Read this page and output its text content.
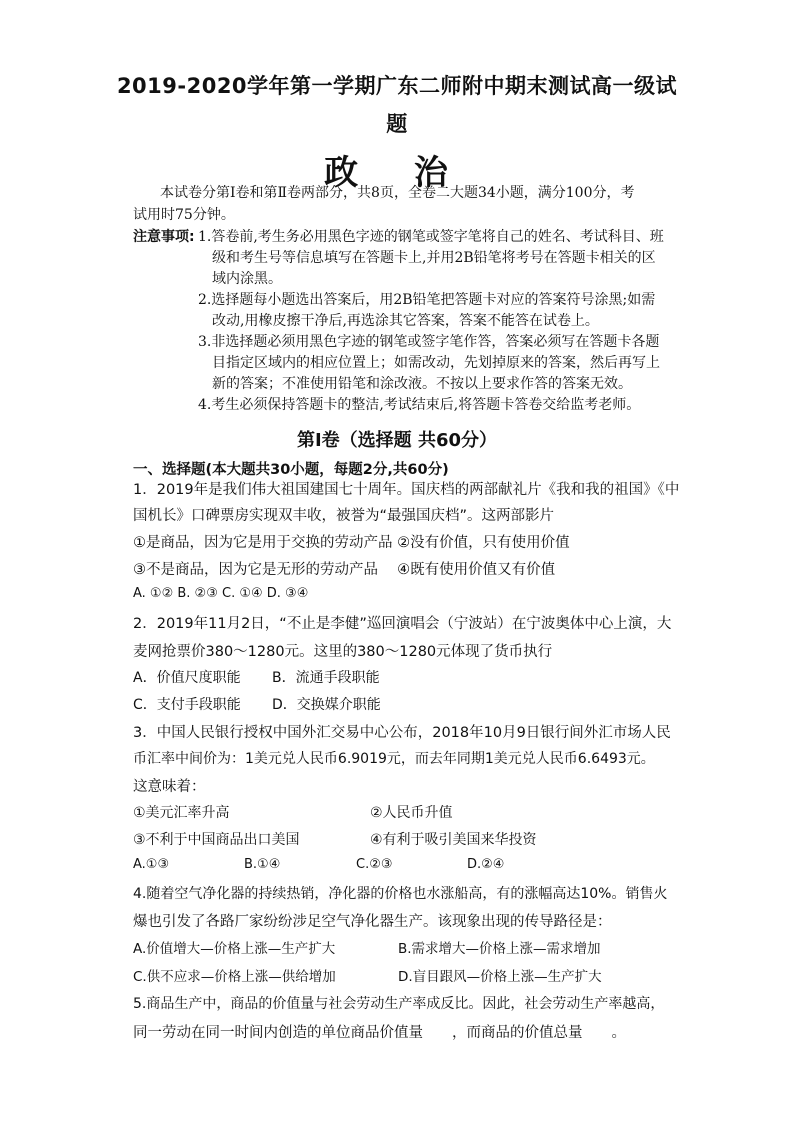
2019-2020学年第一学期广东二师附中期末测试高一级试
题
政 治
本试卷分第Ⅰ卷和第Ⅱ卷两部分，共8页，全卷二大题34小题，满分100分，考
试用时75分钟。
注意事项: 1.答卷前,考生务必用黑色字迹的钢笔或签字笔将自己的姓名、考试科目、班
级和考生号等信息填写在答题卡上,并用2B铅笔将考号在答题卡相关的区
域内涂黑。
2.选择题每小题选出答案后，用2B铅笔把答题卡对应的答案符号涂黑;如需
改动,用橡皮擦干净后,再选涂其它答案，答案不能答在试卷上。
3.非选择题必须用黑色字迹的钢笔或签字笔作答，答案必须写在答题卡各题
目指定区域内的相应位置上；如需改动，先划掉原来的答案，然后再写上
新的答案；不准使用铅笔和涂改液。不按以上要求作答的答案无效。
4.考生必须保持答题卡的整洁,考试结束后,将答题卡答卷交给监考老师。
第Ⅰ卷（选择题 共60分）
一、选择题(本大题共30小题，每题2分,共60分)
1．2019年是我们伟大祖国建国七十周年。国庆档的两部献礼片《我和我的祖国》《中
国机长》口碑票房实现双丰收，被誉为“最强国庆档”。这两部影片
①是商品，因为它是用于交换的劳动产品 ②没有价值，只有使用价值
③不是商品，因为它是无形的劳动产品　 ④既有使用价值又有价值
A. ①② B. ②③ C. ①④ D. ③④
2．2019年11月2日，“不止是李健”巡回演唱会（宁波站）在宁波奥体中心上演，大
麦网抢票价380～1280元。这里的380～1280元体现了货币执行
A．价值尺度职能 B．流通手段职能
C．支付手段职能 D．交换媒介职能
3．中国人民银行授权中国外汇交易中心公布，2018年10月9日银行间外汇市场人民
币汇率中间价为：1美元兑人民币6.9019元，而去年同期1美元兑人民币6.6493元。
这意味着：
①美元汇率升高	②人民币升值
③不利于中国商品出口美国	④有利于吸引美国来华投资
A.①③	B.①④	C.②③	D.②④
4.随着空气净化器的持续热销，净化器的价格也水涨船高，有的涨幅高达10%。销售火
爆也引发了各路厂家纷纷涉足空气净化器生产。该现象出现的传导路径是：
A.价值增大—价格上涨—生产扩大	B.需求增大—价格上涨—需求增加
C.供不应求—价格上涨—供给增加	D.盲目跟风—价格上涨—生产扩大
5.商品生产中，商品的价值量与社会劳动生产率成反比。因此，社会劳动生产率越高，
同一劳动在同一时间内创造的单位商品价值量　　，而商品的价值总量　　。
